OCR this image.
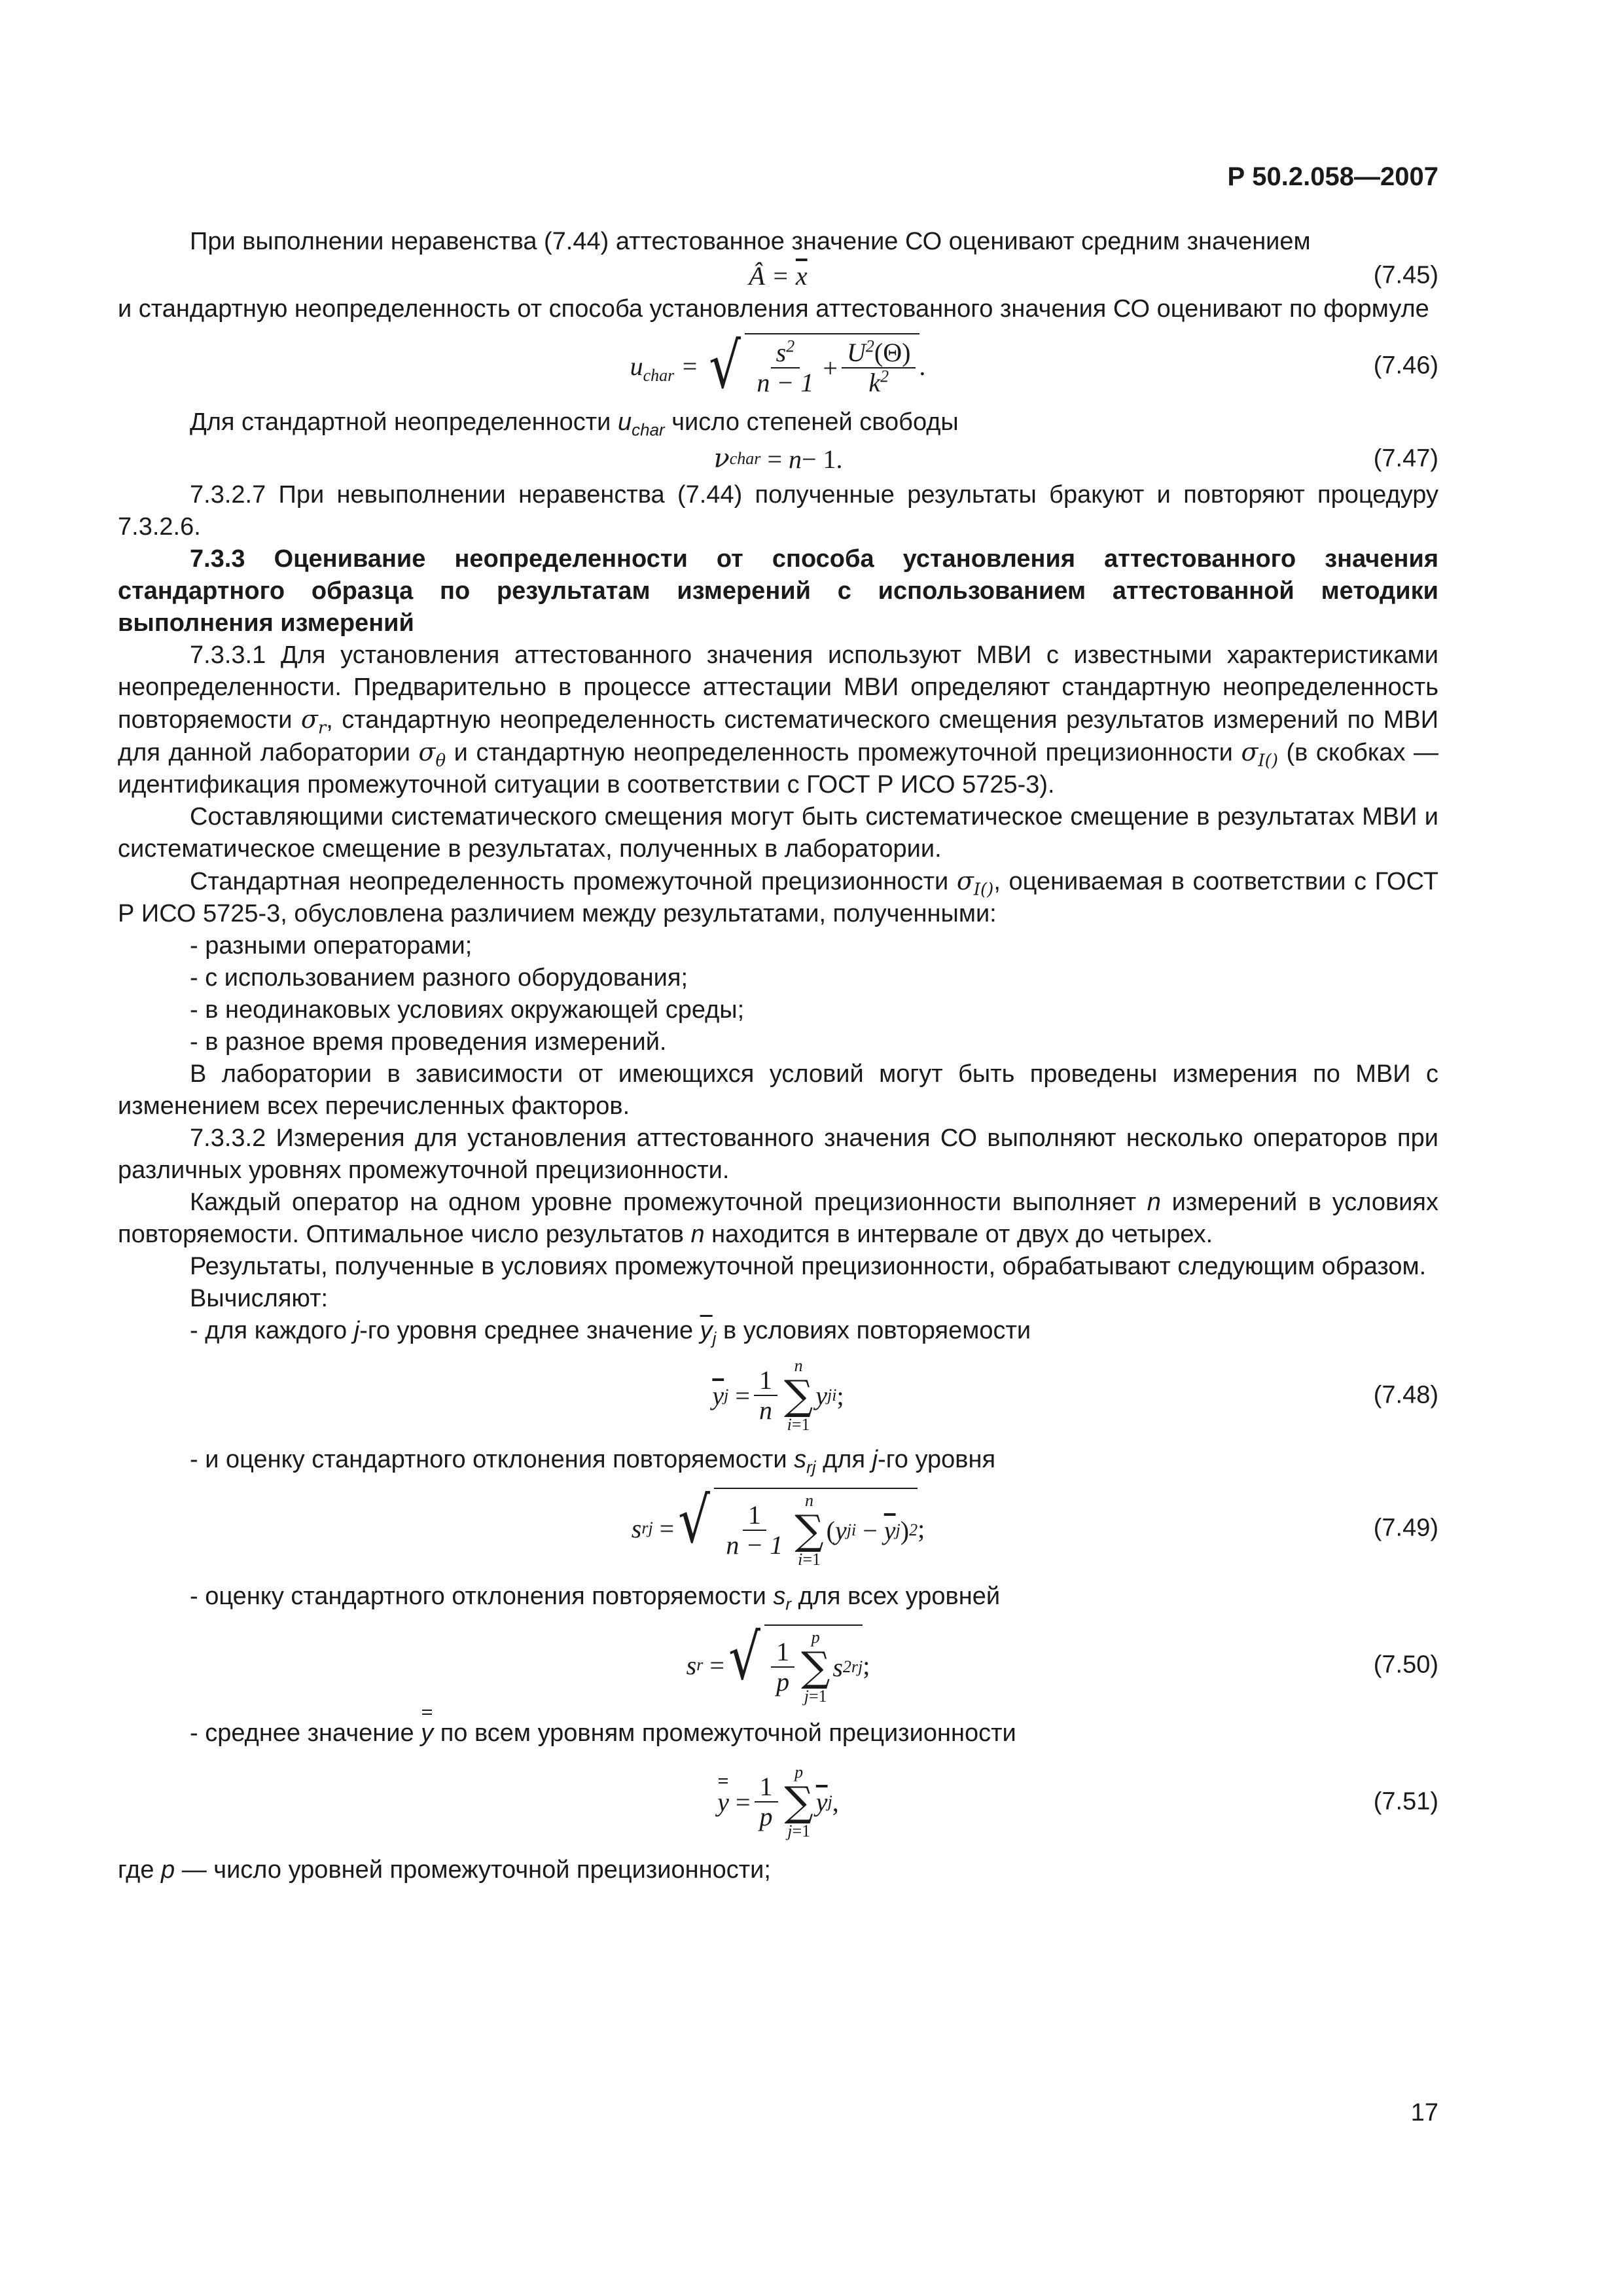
Р 50.2.058—2007

При выполнении неравенства (7.44) аттестованное значение СО оценивают средним значением

Â = $\overline{x}$	(7.45)

и стандартную неопределенность от способа установления аттестованного значения СО оценивают по формуле

$u_{char}$ = √ $\frac{s^2}{n - 1} + \frac{U^2(\Theta)}{k^2}$ .	(7.46)

Для стандартной неопределенности $u_{char}$ число степеней свободы

ν char
= n − 1.	(7.47)

7.3.2.7 При невыполнении неравенства (7.44) полученные результаты бракуют и повторяют процедуру 7.3.2.6.

7.3.3 Оценивание неопределенности от способа установления аттестованного значения стандартного образца по результатам измерений с использованием аттестованной методики выполнения измерений

7.3.3.1 Для установления аттестованного значения используют МВИ с известными характеристиками неопределенности. Предварительно в процессе аттестации МВИ определяют стандартную неопределенность повторяемости $\sigma_r$, стандартную неопределенность систематического смещения результатов измерений по МВИ для данной лаборатории $\sigma_\theta$ и стандартную неопределенность промежуточной прецизионности $\sigma_{I()}$ (в скобках — идентификация промежуточной ситуации в соответствии с ГОСТ Р ИСО 5725-3).

Составляющими систематического смещения могут быть систематическое смещение в результатах МВИ и систематическое смещение в результатах, полученных в лаборатории.

Стандартная неопределенность промежуточной прецизионности $\sigma_{I()}$, оцениваемая в соответствии с ГОСТ Р ИСО 5725-3, обусловлена различием между результатами, полученными:

- разными операторами;

- с использованием разного оборудования;

- в неодинаковых условиях окружающей среды;

- в разное время проведения измерений.

В лаборатории в зависимости от имеющихся условий могут быть проведены измерения по МВИ с изменением всех перечисленных факторов.

7.3.3.2 Измерения для установления аттестованного значения СО выполняют несколько операторов при различных уровнях промежуточной прецизионности.

Каждый оператор на одном уровне промежуточной прецизионности выполняет n измерений в условиях повторяемости. Оптимальное число результатов n находится в интервале от двух до четырех.

Результаты, полученные в условиях промежуточной прецизионности, обрабатывают следующим образом.

Вычисляют:

- для каждого j-го уровня среднее значение $\overline{y}_j$ в условиях повторяемости

$\overline{y}$ j
= $\frac{1}{n}$
n
∑
i=1
y ji ;	(7.48)

- и оценку стандартного отклонения повторяемости $s_{rj}$ для j-го уровня

s rj
= √ $\frac{1}{n - 1}$
n
∑
i=1
( y ji
−
$\overline{y}$ j ) 2 ;	(7.49)

- оценку стандартного отклонения повторяемости $s_r$ для всех уровней

s r
= √ $\frac{1}{p}$
p
∑
j=1
s 2 rj ;	(7.50)

- среднее значение y по всем уровням промежуточной прецизионности

y
= $\frac{1}{p}$
p
∑
j=1
$\overline{y}$ j ,	(7.51)

где p — число уровней промежуточной прецизионности;

17
